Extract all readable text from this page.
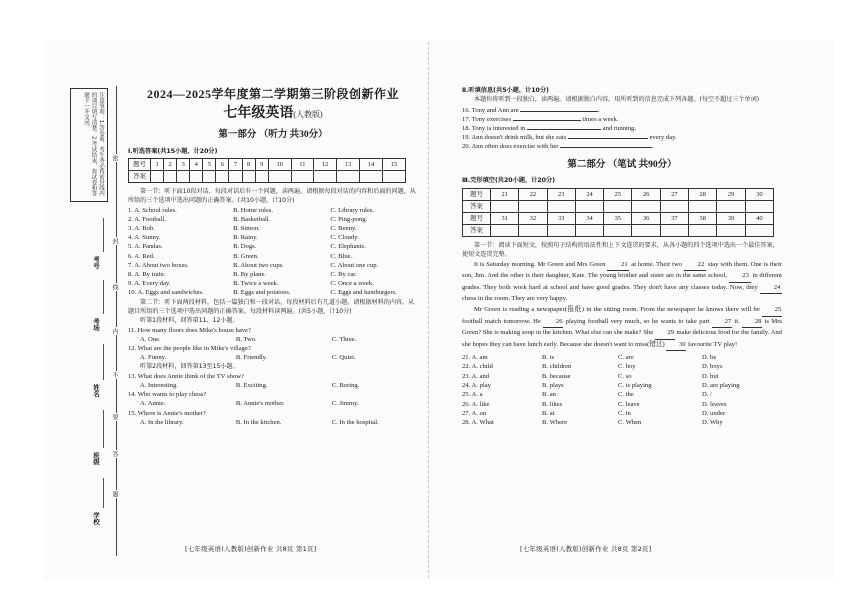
注意事项：1.答卷前，考生务必将密封线内的项目填写清楚。2.考试结束，将试卷和答题卡一并交回。
学校
班级
姓名
考场
考号
密
封
线
内
不
要
答
题
2024—2025学年度第二学期第三阶段创新作业
七年级英语(人教版)
第一部分 （听力 共30分）
Ⅰ.听选答案(共15小题，计20分)
题号	1	2	3	4	5	6	7	8	9	10	11	12	13	14	15
答案															
第一节：听下面10段对话，每段对话后有一个问题，读两遍。请根据每段对话的内容和后面的问题，从所给的三个选项中选出问题的正确答案。(共10小题，计10分)
1. A. School rules.	B. Home rules.	C. Library rules.
2. A. Football.	B. Basketball.	C. Ping-pong.
3. A. Bob.	B. Simon.	C. Benny.
4. A. Sunny.	B. Rainy.	C. Cloudy.
5. A. Pandas.	B. Dogs.	C. Elephants.
6. A. Red.	B. Green.	C. Blue.
7. A. About two boxes.	B. About two cups.	C. About one cup.
8. A. By train.	B. By plane.	C. By car.
9. A. Every day.	B. Twice a week.	C. Once a week.
10. A. Eggs and sandwiches.	B. Eggs and potatoes.	C. Eggs and hamburgers.
第二节：听下面两段材料，包括一篇独白和一段对话，每段材料后有几道小题。请根据材料的内容，从题目所给的三个选项中选出问题的正确答案。每段材料读两遍。(共5小题，计10分)
听第1段材料，回答第11、12小题。
11. How many floors does Mike's house have?
A. One.	B. Two.	C. Three.
12. What are the people like in Mike's village?
A. Funny.	B. Friendly.	C. Quiet.
听第2段材料，回答第13至15小题。
13. What does Annie think of the TV show?
A. Interesting.	B. Exciting.	C. Boring.
14. Who wants to play chess?
A. Annie.	B. Annie's mother.	C. Jimmy.
15. Where is Annie's mother?
A. In the library.	B. In the kitchen.	C. In the hospital.
[七年级英语(人教版)创新作业 共8页 第1页]
Ⅱ.听填信息(共5小题，计10分)
本题你将听到一段独白，读两遍。请根据独白内容，用所听到的信息完成下列各题。(每空不超过三个单词)
16. Tony and Ann are	.
17. Tony exercises	times a week.
18. Tony is interested in	and running.
19. Ann doesn't drink milk, but she eats	every day.
20. Ann often does exercise with her	.
第二部分 （笔试 共90分）
Ⅲ.完形填空(共20小题，计20分)
题号	21	22	23	24	25	26	27	28	29	30
答案										
题号	31	32	33	34	35	36	37	38	39	40
答案										
第一节：阅读下面短文，按照句子结构的语法性和上下文连贯的要求，从各小题的四个选项中选出一个最佳答案，使短文连贯完整。
It is Saturday morning. Mr Green and Mrs Green 21 at home. Their two 22 stay with them. One is their son, Jim. And the other is their daughter, Kate. The young brother and sister are in the same school, 23 in different grades. They both work hard at school and have good grades. They don't have any classes today. Now, they 24 chess in the room. They are very happy.
Mr Green is reading a newspaper(报纸) in the sitting room. From the newspaper he knows there will be 25 football match tomorrow. He 26 playing football very much, so he wants to take part 27 it. 28 is Mrs Green? She is making soup in the kitchen. What else can she make? She 29 make delicious food for the family. And she hopes they can have lunch early. Because she doesn't want to miss(错过) 30 favourite TV play!
21. A. am	B. is	C. are	D. be
22. A. child	B. children	C. boy	D. boys
23. A. and	B. because	C. so	D. but
24. A. play	B. plays	C. is playing	D. are playing
25. A. a	B. an	C. the	D. /
26. A. like	B. likes	C. leave	D. leaves
27. A. on	B. at	C. in	D. under
28. A. What	B. Where	C. When	D. Why
[七年级英语(人教版)创新作业 共8页 第2页]
